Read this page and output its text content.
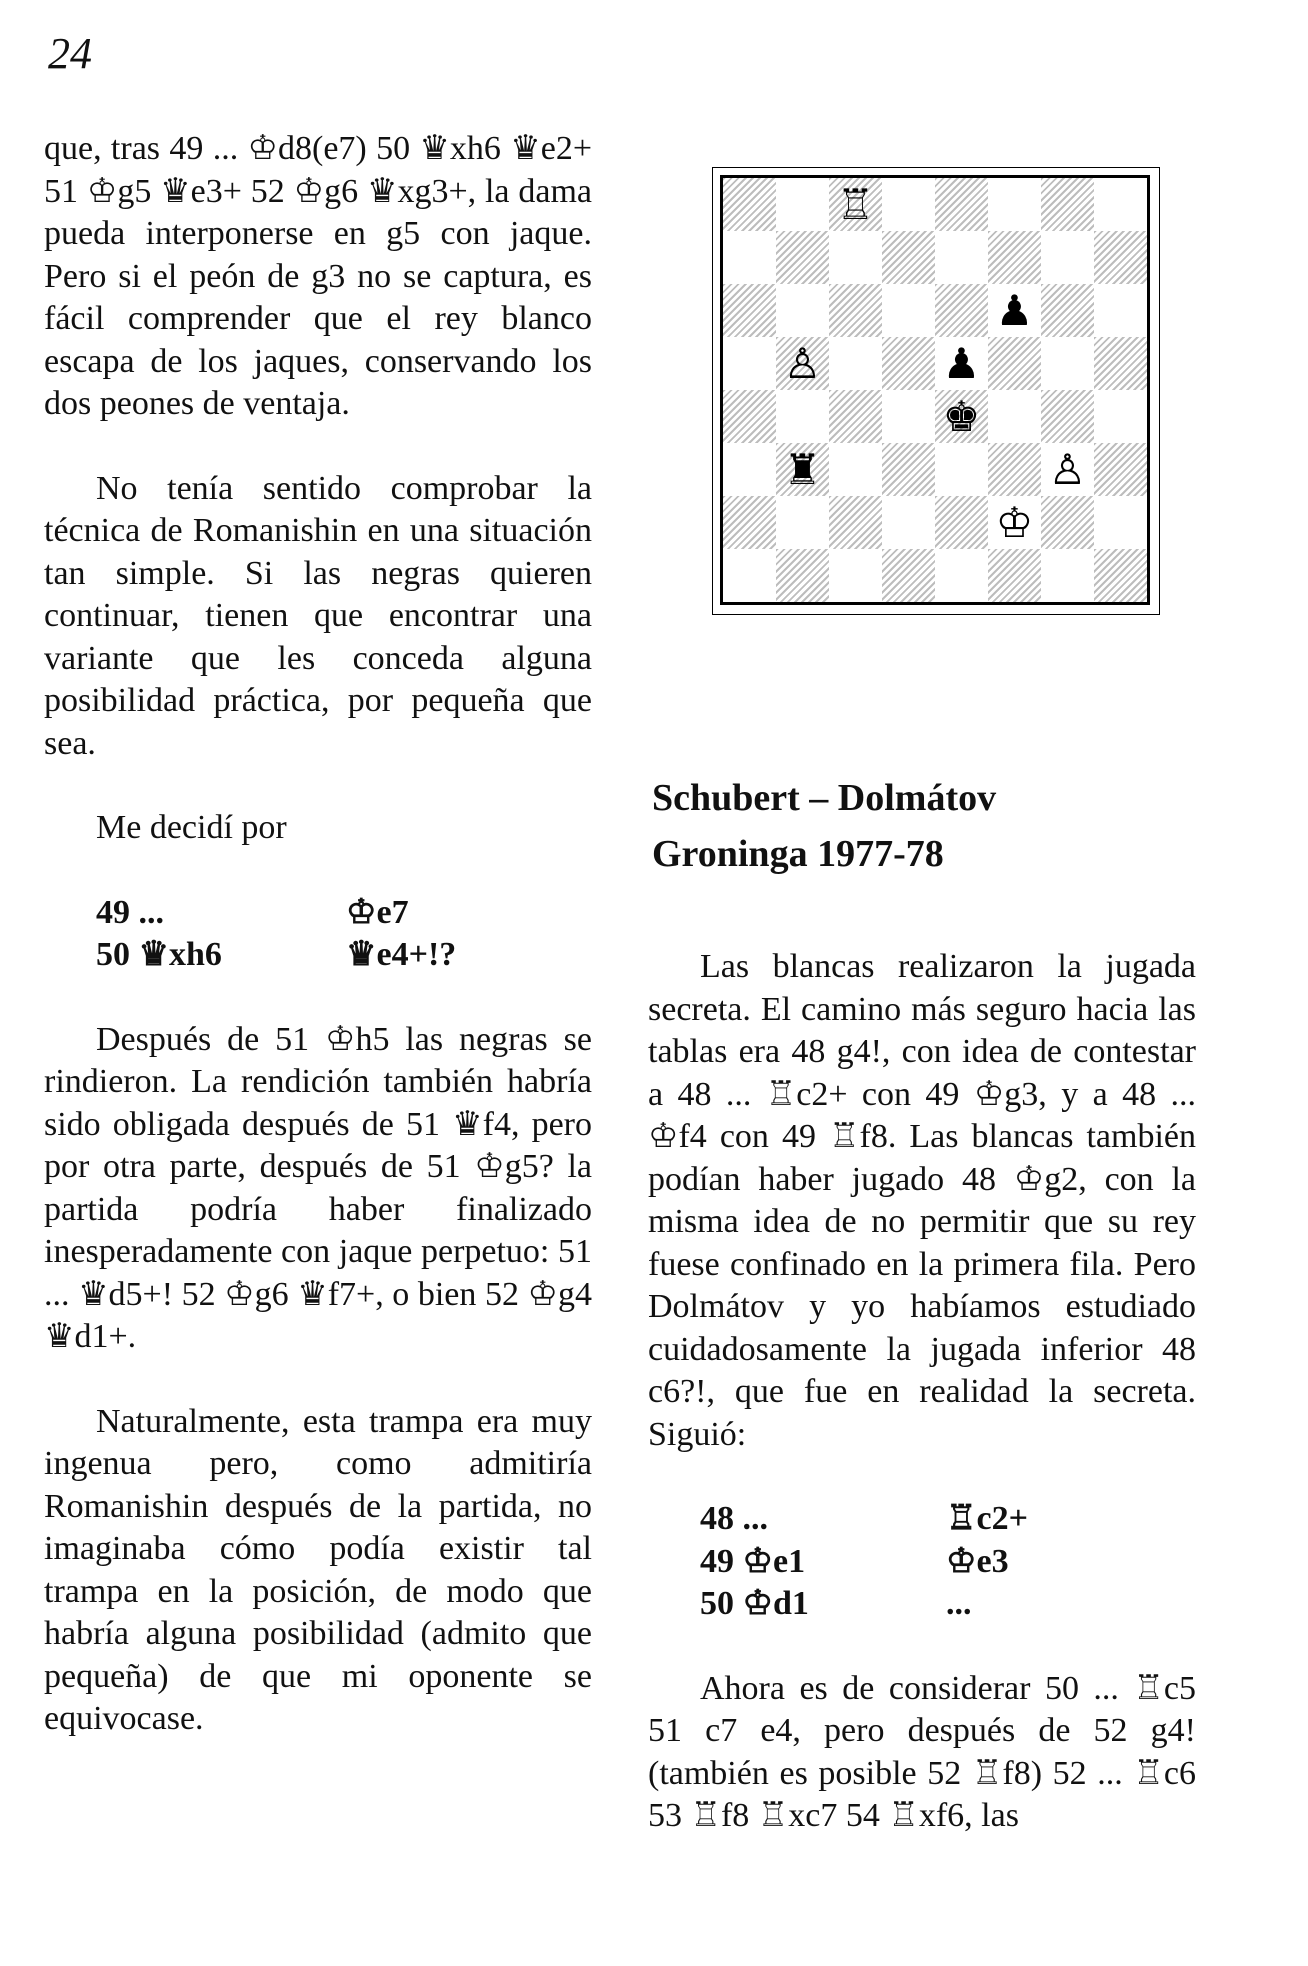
24

que, tras 49 ... ♔d8(e7) 50 ♛xh6 ♛e2+ 51 ♔g5 ♛e3+ 52 ♔g6 ♛xg3+, la dama pueda interponerse en g5 con jaque. Pero si el peón de g3 no se captura, es fácil comprender que el rey blanco escapa de los jaques, conservando los dos peones de ventaja.

No tenía sentido comprobar la técnica de Romanishin en una situación tan simple. Si las negras quieren continuar, tienen que encontrar una variante que les conceda alguna posibilidad práctica, por pequeña que sea.

Me decidí por

49 ...	♔e7
50 ♛xh6	♛e4+!?

Después de 51 ♔h5 las negras se rindieron. La rendición también habría sido obligada después de 51 ♛f4, pero por otra parte, después de 51 ♔g5? la partida podría haber finalizado inesperadamente con jaque perpetuo: 51 ... ♛d5+! 52 ♔g6 ♛f7+, o bien 52 ♔g4 ♛d1+.

Naturalmente, esta trampa era muy ingenua pero, como admitiría Romanishin después de la partida, no imaginaba cómo podía existir tal trampa en la posición, de modo que habría alguna posibilidad (admito que pequeña) de que mi oponente se equivocase.

♖
♟
♙	♟
♚
♜	♙
♔
Schubert – Dolmátov
Groninga 1977-78

Las blancas realizaron la jugada secreta. El camino más seguro hacia las tablas era 48 g4!, con idea de contestar a 48 ... ♖c2+ con 49 ♔g3, y a 48 ... ♔f4 con 49 ♖f8. Las blancas también podían haber jugado 48 ♔g2, con la misma idea de no permitir que su rey fuese confinado en la primera fila. Pero Dolmátov y yo habíamos estudiado cuidadosamente la jugada inferior 48 c6?!, que fue en realidad la secreta. Siguió:

48 ...	♖c2+
49 ♔e1	♔e3
50 ♔d1	...

Ahora es de considerar 50 ... ♖c5 51 c7 e4, pero después de 52 g4! (también es posible 52 ♖f8) 52 ... ♖c6 53 ♖f8 ♖xc7 54 ♖xf6, las
